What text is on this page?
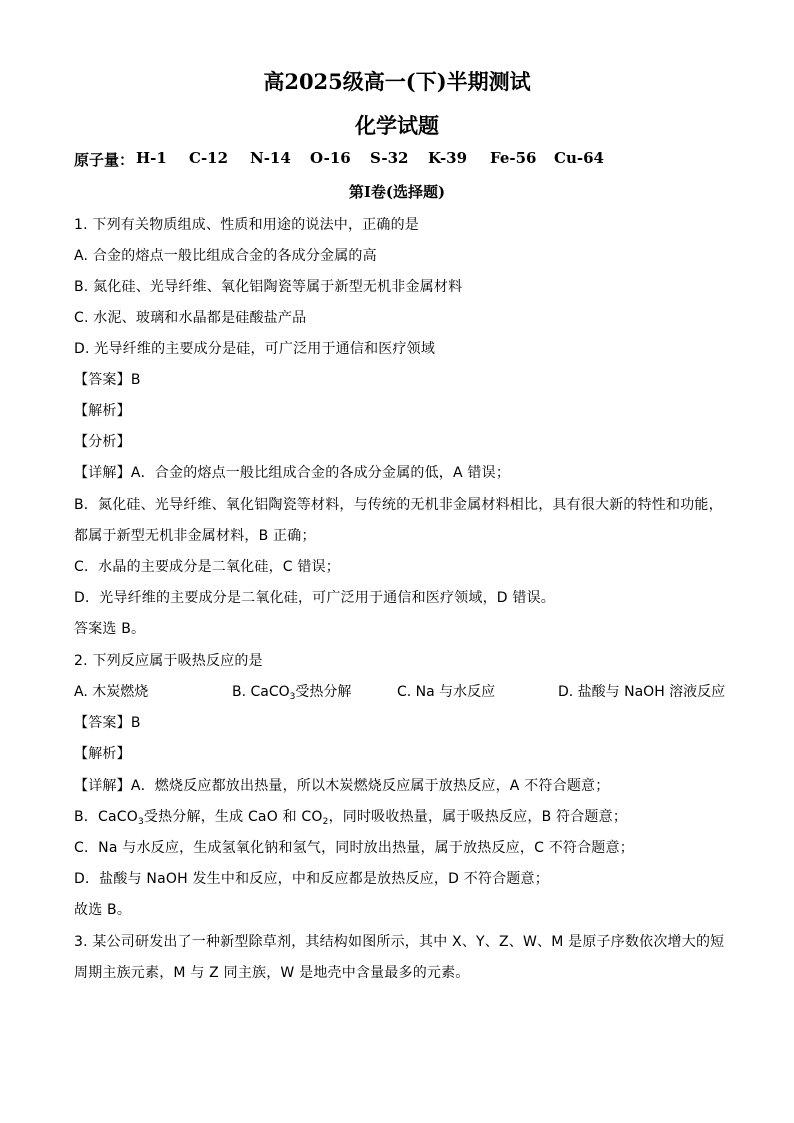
高2025级高一(下)半期测试
化学试题
原子量： H-1 C-12 N-14 O-16 S-32 K-39 Fe-56 Cu-64
第I卷(选择题)
1. 下列有关物质组成、性质和用途的说法中，正确的是
A. 合金的熔点一般比组成合金的各成分金属的高
B. 氮化硅、光导纤维、氧化铝陶瓷等属于新型无机非金属材料
C. 水泥、玻璃和水晶都是硅酸盐产品
D. 光导纤维的主要成分是硅，可广泛用于通信和医疗领域
【答案】B
【解析】
【分析】
【详解】A．合金的熔点一般比组成合金的各成分金属的低，A 错误；
B．氮化硅、光导纤维、氧化铝陶瓷等材料，与传统的无机非金属材料相比，具有很大新的特性和功能，
都属于新型无机非金属材料，B 正确；
C．水晶的主要成分是二氧化硅，C 错误；
D．光导纤维的主要成分是二氧化硅，可广泛用于通信和医疗领域，D 错误。
答案选 B。
2. 下列反应属于吸热反应的是
A. 木炭燃烧	B. CaCO$_3$受热分解	C. Na 与水反应	D. 盐酸与 NaOH 溶液反应
【答案】B
【解析】
【详解】A．燃烧反应都放出热量，所以木炭燃烧反应属于放热反应，A 不符合题意；
B．CaCO$_3$受热分解，生成 CaO 和 $CO_2$，同时吸收热量，属于吸热反应，B 符合题意；
C．Na 与水反应，生成氢氧化钠和氢气，同时放出热量，属于放热反应，C 不符合题意；
D．盐酸与 NaOH 发生中和反应，中和反应都是放热反应，D 不符合题意；
故选 B。
3. 某公司研发出了一种新型除草剂，其结构如图所示，其中 X、Y、Z、W、M 是原子序数依次增大的短
周期主族元素，M 与 Z 同主族，W 是地壳中含量最多的元素。
